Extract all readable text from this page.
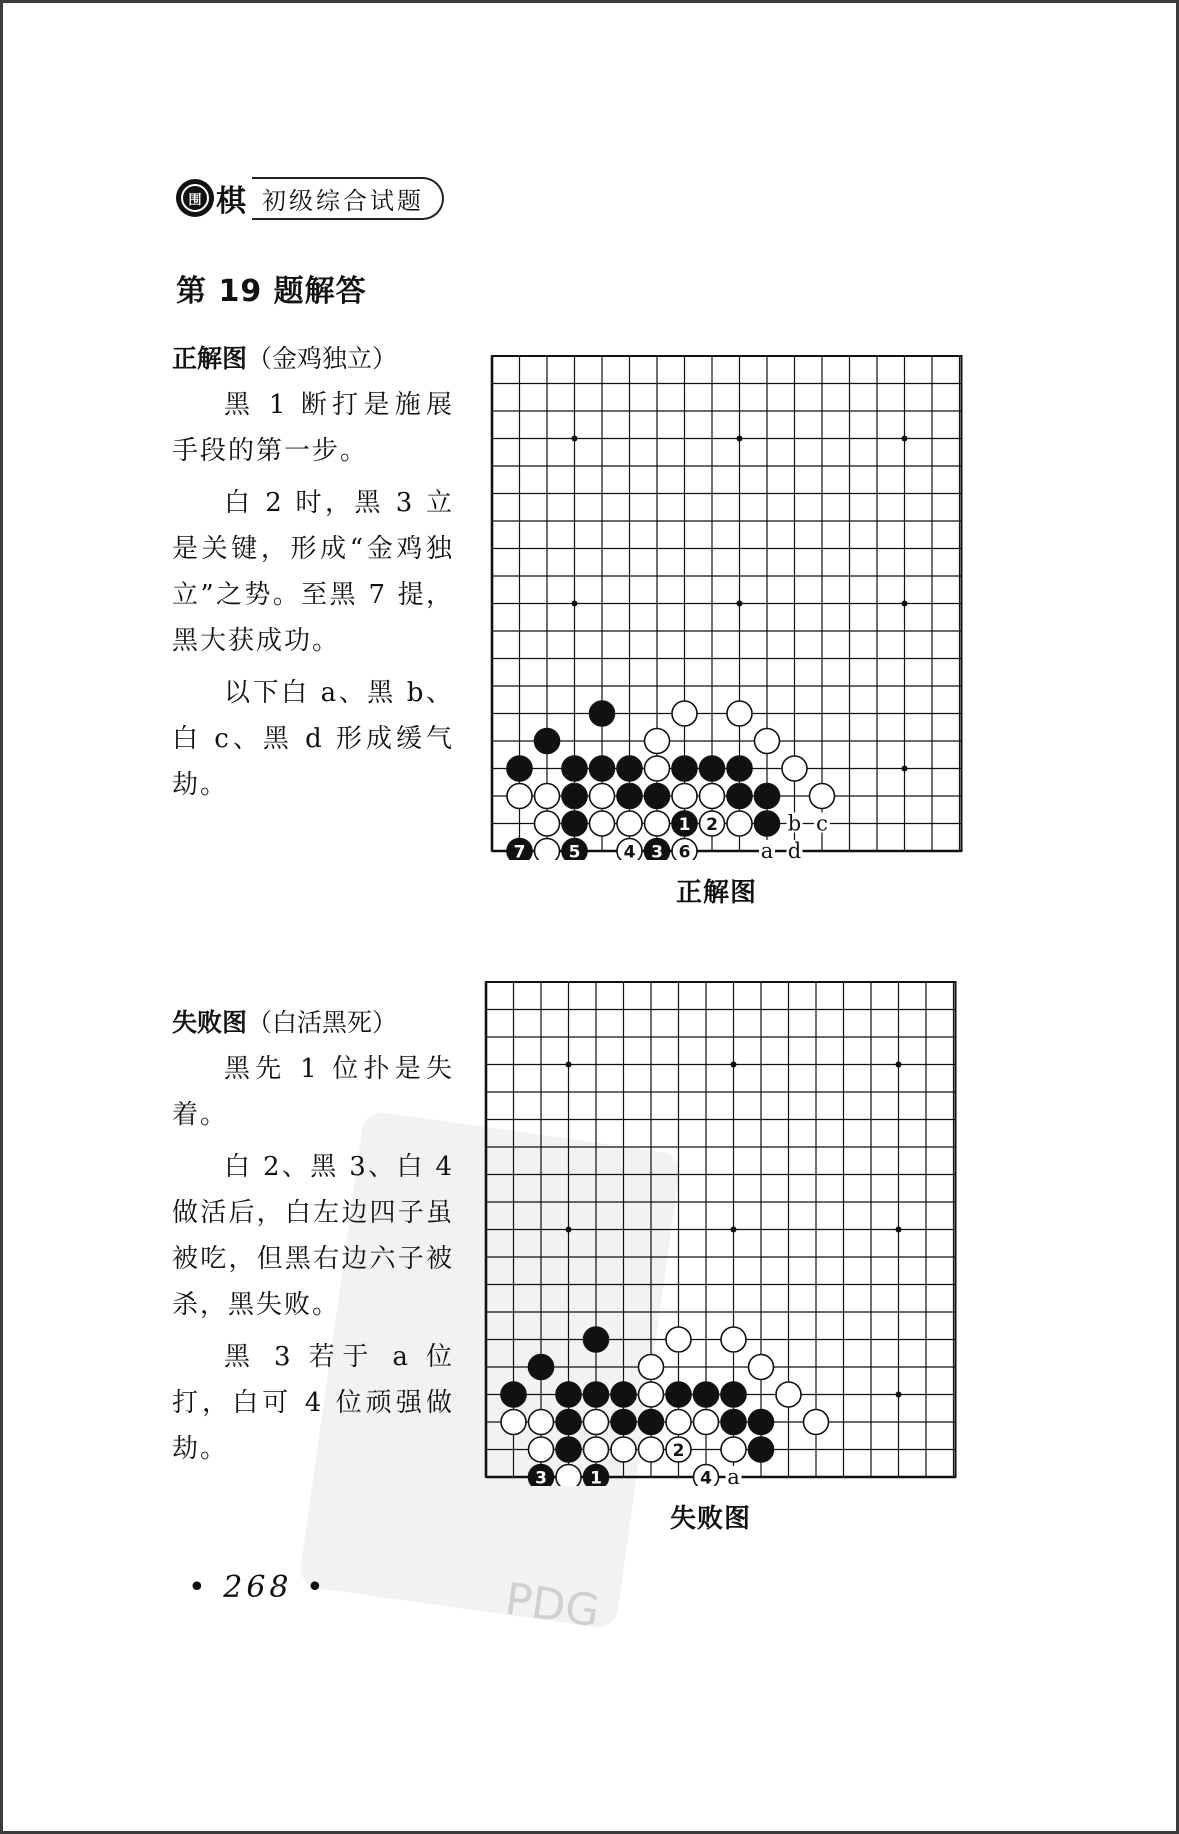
PDG
围 棋 初级综合试题
第 19 题解答
正解图（金鸡独立）

黑 1 断打是施展手段的第一步。

白 2 时，黑 3 立是关键，形成“金鸡独立”之势。至黑 7 提，黑大获成功。

以下白 a、黑 b、白 c、黑 d 形成缓气劫。

失败图（白活黑死）

黑先 1 位扑是失着。

白 2、黑 3、白 4 做活后，白左边四子虽被吃，但黑右边六子被杀，黑失败。

黑 3 若于 a 位打，白可 4 位顽强做劫。

b c
a d
1 2
7	5	4 3 6
正解图
a
2
3	1	4
失败图
• 268 •
